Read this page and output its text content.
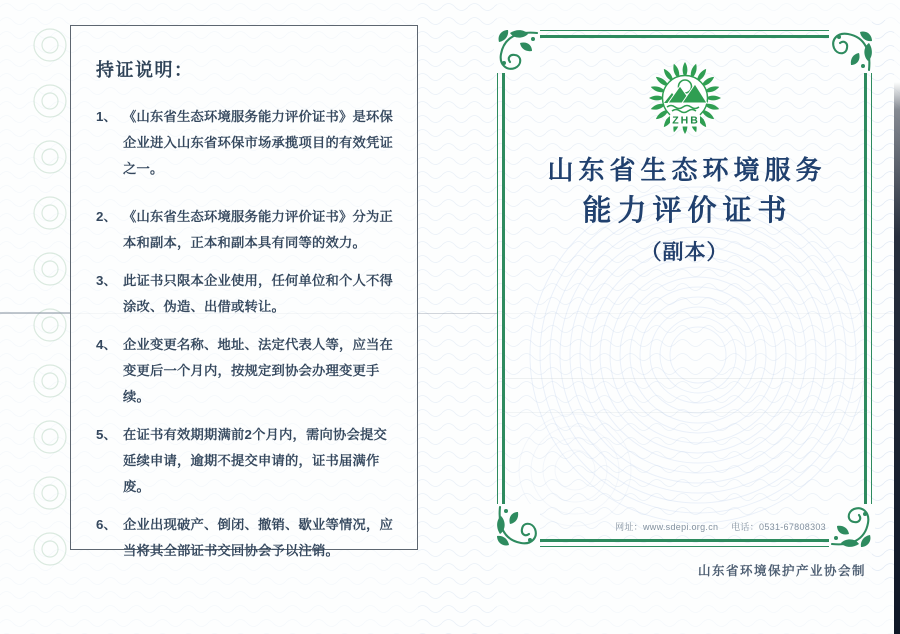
持证说明：
1、 《山东省生态环境服务能力评价证书》是环保企业进入山东省环保市场承揽项目的有效凭证之一。

2、 《山东省生态环境服务能力评价证书》分为正本和副本，正本和副本具有同等的效力。

3、 此证书只限本企业使用，任何单位和个人不得涂改、伪造、出借或转让。

4、 企业变更名称、地址、法定代表人等，应当在变更后一个月内，按规定到协会办理变更手续。

5、 在证书有效期期满前2个月内，需向协会提交延续申请，逾期不提交申请的，证书届满作废。

6、 企业出现破产、倒闭、撤销、歇业等情况，应当将其全部证书交回协会予以注销。

ZHB
山东省生态环境服务
能力评价证书
（副本）
网址：www.sdepi.org.cn 电话：0531-67808303
山东省环境保护产业协会制
